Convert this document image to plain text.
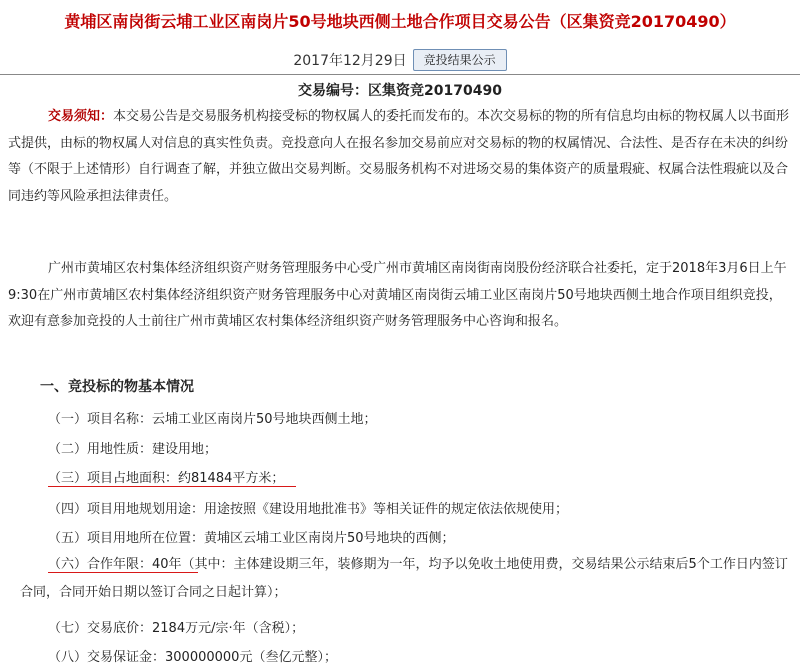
黄埔区南岗街云埔工业区南岗片50号地块西侧土地合作项目交易公告（区集资竞20170490）
2017年12月29日	竞投结果公示
交易编号：区集资竞20170490
交易须知：本交易公告是交易服务机构接受标的物权属人的委托而发布的。本次交易标的物的所有信息均由标的物权属人以书面形式提供，由标的物权属人对信息的真实性负责。竞投意向人在报名参加交易前应对交易标的物的权属情况、合法性、是否存在未决的纠纷等（不限于上述情形）自行调查了解，并独立做出交易判断。交易服务机构不对进场交易的集体资产的质量瑕疵、权属合法性瑕疵以及合同违约等风险承担法律责任。
广州市黄埔区农村集体经济组织资产财务管理服务中心受广州市黄埔区南岗街南岗股份经济联合社委托，定于2018年3月6日上午9:30在广州市黄埔区农村集体经济组织资产财务管理服务中心对黄埔区南岗街云埔工业区南岗片50号地块西侧土地合作项目组织竞投，欢迎有意参加竞投的人士前往广州市黄埔区农村集体经济组织资产财务管理服务中心咨询和报名。
一、竞投标的物基本情况
（一）项目名称：云埔工业区南岗片50号地块西侧土地；
（二）用地性质：建设用地；
（三）项目占地面积：约81484平方米；
（四）项目用地规划用途：用途按照《建设用地批准书》等相关证件的规定依法依规使用；
（五）项目用地所在位置：黄埔区云埔工业区南岗片50号地块的西侧；
（六）合作年限：40年（其中：主体建设期三年，装修期为一年，均予以免收土地使用费，交易结果公示结束后5个工作日内签订合同，合同开始日期以签订合同之日起计算）；
（七）交易底价：2184万元/宗·年（含税）；
（八）交易保证金：300000000元（叁亿元整）；
